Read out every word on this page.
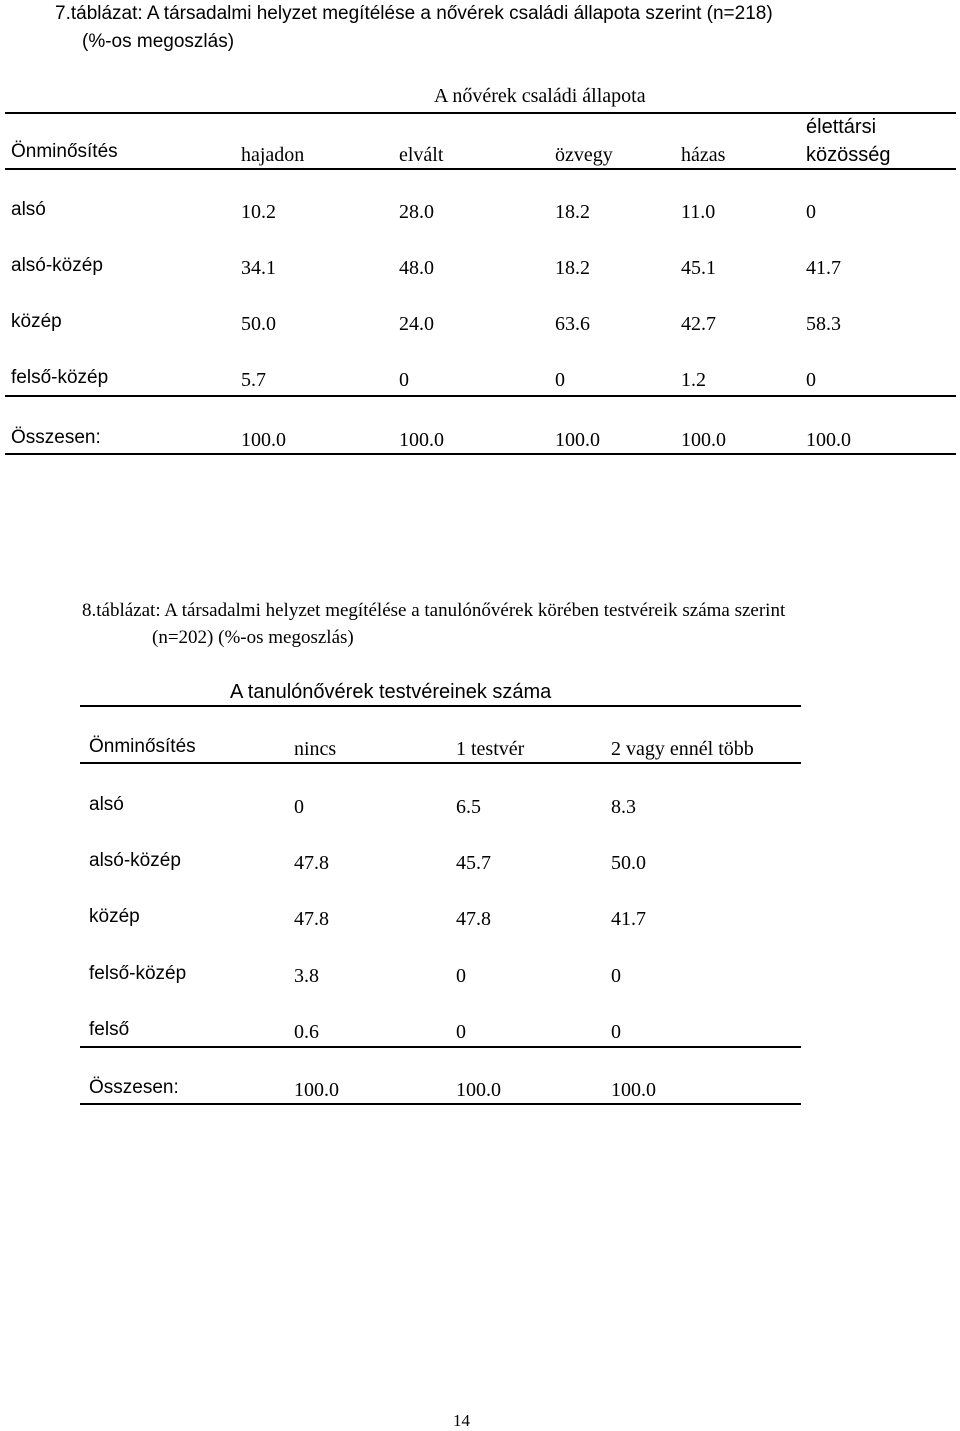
7.táblázat: A társadalmi helyzet megítélése a nővérek családi állapota szerint (n=218)
(%-os megoszlás)
A nővérek családi állapota
Önminősítés	hajadon	elvált	özvegy	házas
élettársi
közösség
alsó	10.2	28.0	18.2	11.0	0
alsó-közép	34.1	48.0	18.2	45.1	41.7
közép	50.0	24.0	63.6	42.7	58.3
felső-közép	5.7	0	0	1.2	0
Összesen:	100.0	100.0	100.0	100.0	100.0
8.táblázat: A társadalmi helyzet megítélése a tanulónővérek körében testvéreik száma szerint
(n=202) (%-os megoszlás)
A tanulónővérek testvéreinek száma
Önminősítés	nincs	1 testvér	2 vagy ennél több
alsó	0	6.5	8.3
alsó-közép	47.8	45.7	50.0
közép	47.8	47.8	41.7
felső-közép	3.8	0	0
felső	0.6	0	0
Összesen:	100.0	100.0	100.0
14
